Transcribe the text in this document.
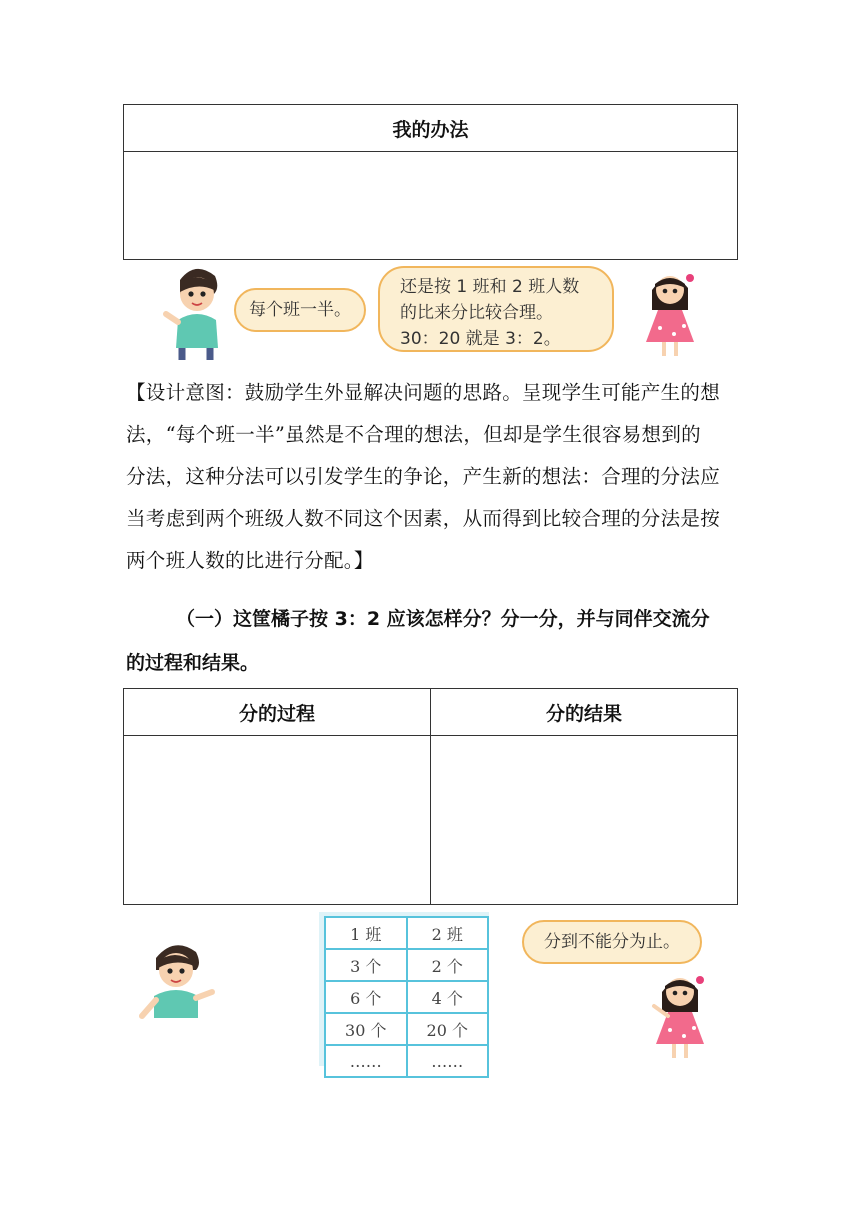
我的办法

每个班一半。
还是按 1 班和 2 班人数
的比来分比较合理。
30：20 就是 3：2。
【设计意图：鼓励学生外显解决问题的思路。呈现学生可能产生的想
法，“每个班一半”虽然是不合理的想法，但却是学生很容易想到的
分法，这种分法可以引发学生的争论，产生新的想法：合理的分法应
当考虑到两个班级人数不同这个因素，从而得到比较合理的分法是按
两个班人数的比进行分配。】
（一）这筐橘子按 3：2 应该怎样分？分一分，并与同伴交流分
的过程和结果。
分的过程	分的结果

1 班	2 班
3 个	2 个
6 个	4 个
30 个	20 个
……	……
分到不能分为止。
